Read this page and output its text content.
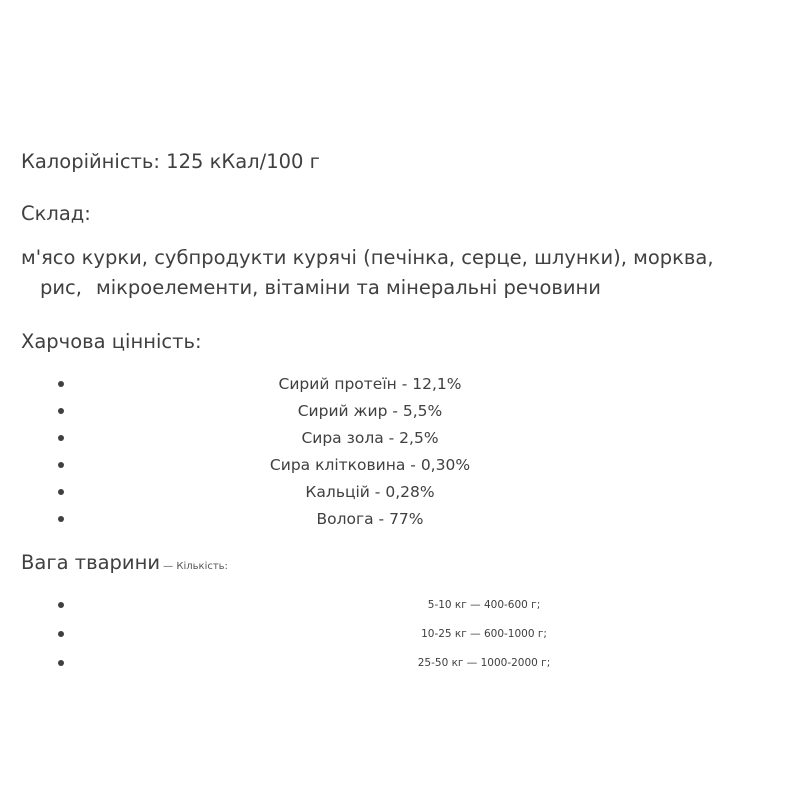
Калорійність: 125 кКал/100 г
Склад:
м'ясо курки, субпродукти курячі (печінка, серце, шлунки), морква,
рис, мікроелементи, вітаміни та мінеральні речовини
Харчова цінність:
Сирий протеїн - 12,1%
Сирий жир - 5,5%
Сира зола - 2,5%
Сира клітковина - 0,30%
Кальцій - 0,28%
Волога - 77%
Вага тварини — Кількість:
5-10 кг — 400-600 г;
10-25 кг — 600-1000 г;
25-50 кг — 1000-2000 г;
